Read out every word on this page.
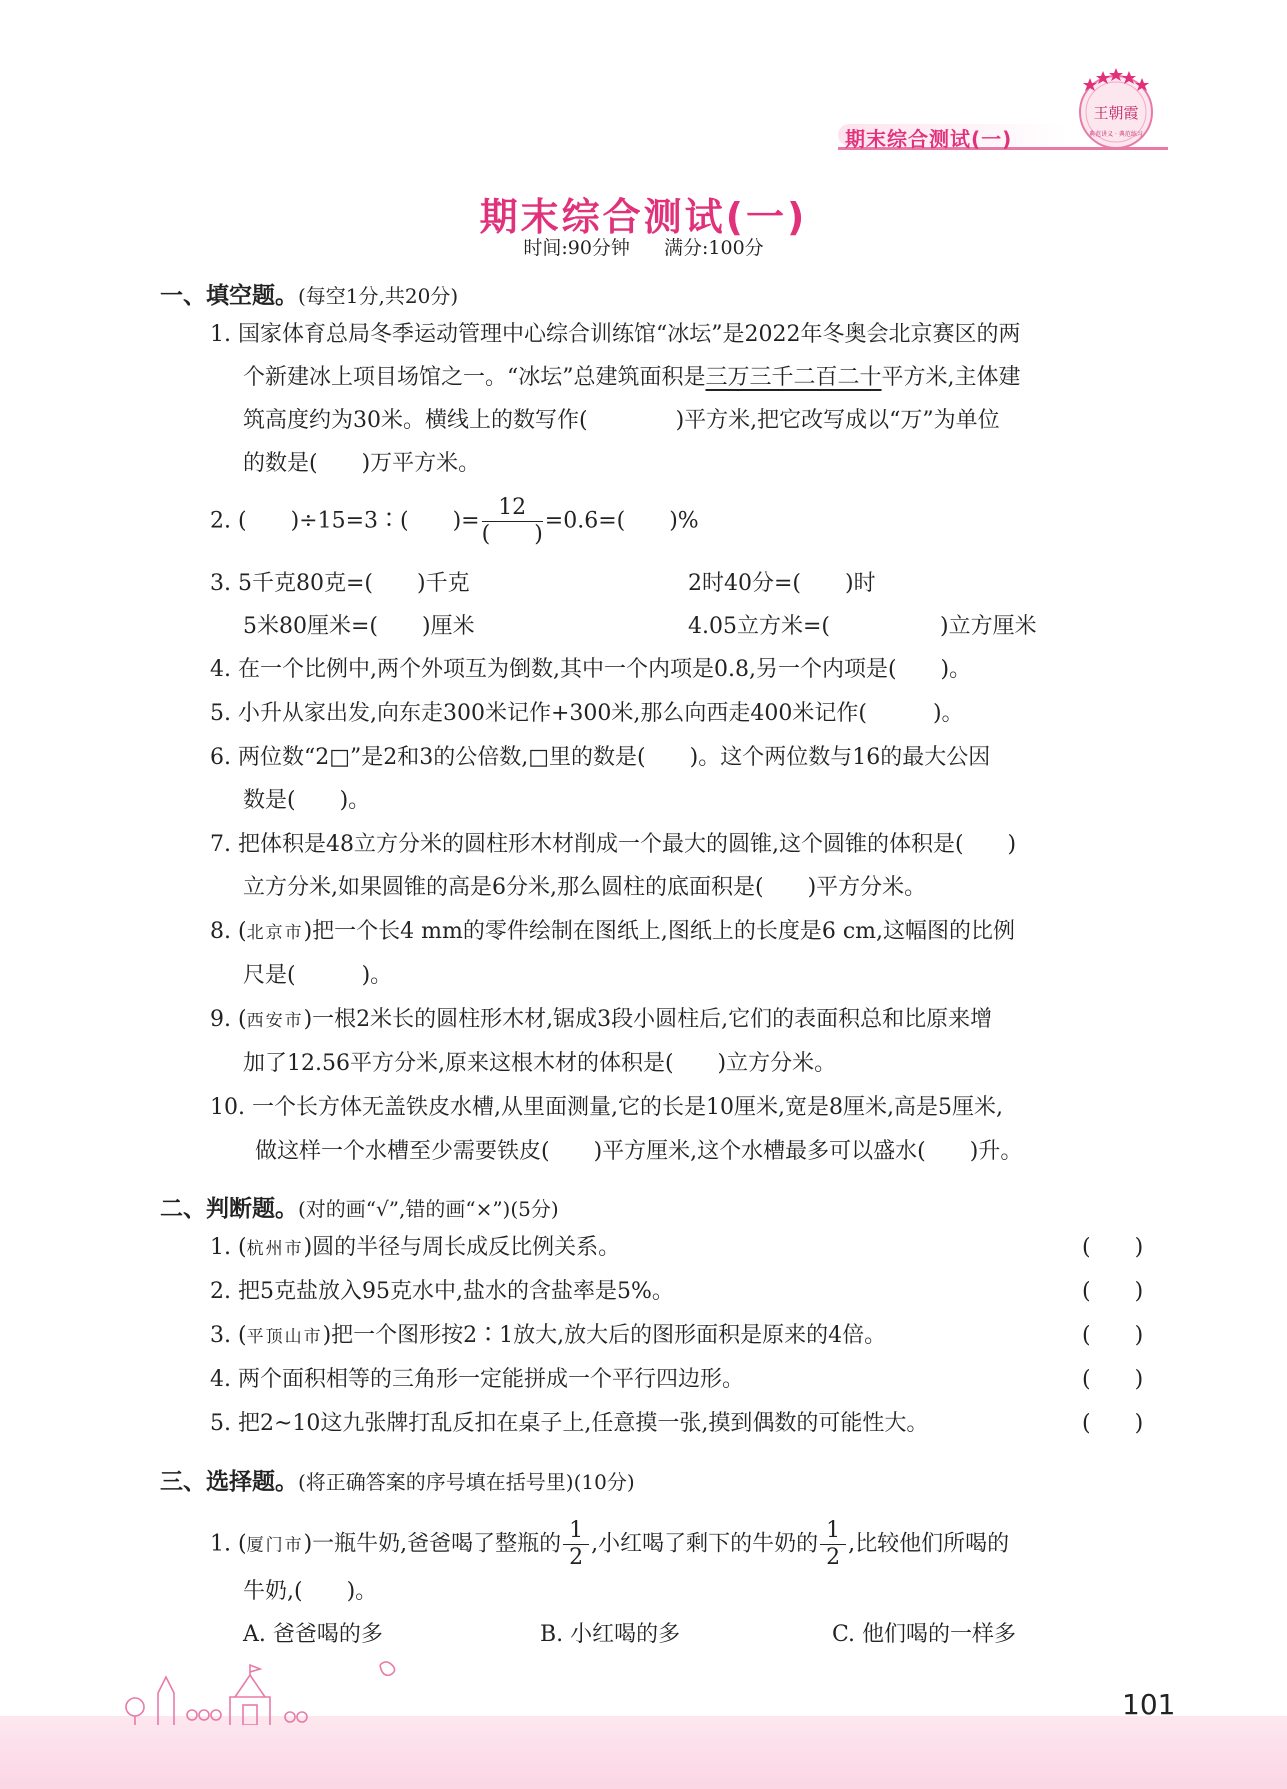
期末综合测试(一)
王朝霞
典范讲义 · 典范练习
期末综合测试(一)
时间:90分钟 满分:100分
一、填空题。(每空1分,共20分)
1. 国家体育总局冬季运动管理中心综合训练馆“冰坛”是2022年冬奥会北京赛区的两
个新建冰上项目场馆之一。“冰坛”总建筑面积是三万三千二百二十平方米,主体建
筑高度约为30米。横线上的数写作(　　　　)平方米,把它改写成以“万”为单位
的数是(　　)万平方米。
2. (　　)÷15=3∶(　　)= $\frac{12}{( )} =0.6=$(　　)%
3. 5千克80克=(　　)千克	2时40分=(　　)时
5米80厘米=(　　)厘米	4.05立方米=(　　　　　)立方厘米
4. 在一个比例中,两个外项互为倒数,其中一个内项是0.8,另一个内项是(　　)。
5. 小升从家出发,向东走300米记作+300米,那么向西走400米记作(　　　)。
6. 两位数“2□”是2和3的公倍数,□里的数是(　　)。这个两位数与16的最大公因
数是(　　)。
7. 把体积是48立方分米的圆柱形木材削成一个最大的圆锥,这个圆锥的体积是(　　)
立方分米,如果圆锥的高是6分米,那么圆柱的底面积是(　　)平方分米。
8. (北京市)把一个长4 mm的零件绘制在图纸上,图纸上的长度是6 cm,这幅图的比例
尺是(　　　)。
9. (西安市)一根2米长的圆柱形木材,锯成3段小圆柱后,它们的表面积总和比原来增
加了12.56平方分米,原来这根木材的体积是(　　)立方分米。
10. 一个长方体无盖铁皮水槽,从里面测量,它的长是10厘米,宽是8厘米,高是5厘米,
做这样一个水槽至少需要铁皮(　　)平方厘米,这个水槽最多可以盛水(　　)升。
二、判断题。(对的画“√”,错的画“×”)(5分)
1. (杭州市)圆的半径与周长成反比例关系。	(　　)
2. 把5克盐放入95克水中,盐水的含盐率是5%。	(　　)
3. (平顶山市)把一个图形按2∶1放大,放大后的图形面积是原来的4倍。	(　　)
4. 两个面积相等的三角形一定能拼成一个平行四边形。	(　　)
5. 把2~10这九张牌打乱反扣在桌子上,任意摸一张,摸到偶数的可能性大。	(　　)
三、选择题。(将正确答案的序号填在括号里)(10分)
1. (厦门市)一瓶牛奶,爸爸喝了整瓶的 $\frac{1}{2}$ ,小红喝了剩下的牛奶的 $\frac{1}{2}$ ,比较他们所喝的
牛奶,(　　)。
A. 爸爸喝的多	B. 小红喝的多	C. 他们喝的一样多
101
